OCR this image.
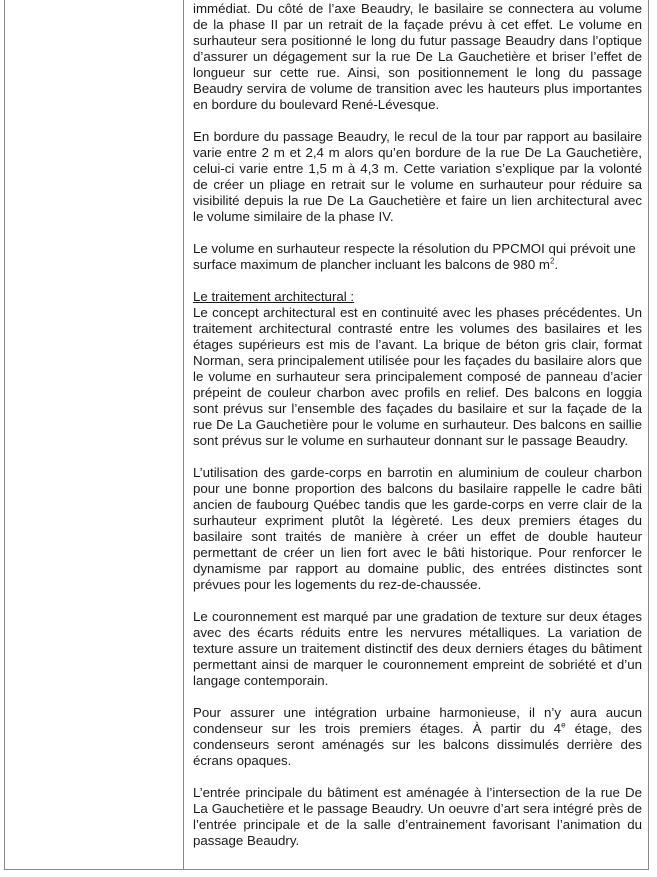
immédiat. Du côté de l’axe Beaudry, le basilaire se connectera au volume de la phase II par un retrait de la façade prévu à cet effet. Le volume en surhauteur sera positionné le long du futur passage Beaudry dans l’optique d’assurer un dégagement sur la rue De La Gauchetière et briser l’effet de longueur sur cette rue. Ainsi, son positionnement le long du passage Beaudry servira de volume de transition avec les hauteurs plus importantes en bordure du boulevard René-Lévesque.

En bordure du passage Beaudry, le recul de la tour par rapport au basilaire varie entre 2 m et 2,4 m alors qu’en bordure de la rue De La Gauchetière, celui-ci varie entre 1,5 m à 4,3 m. Cette variation s’explique par la volonté de créer un pliage en retrait sur le volume en surhauteur pour réduire sa visibilité depuis la rue De La Gauchetière et faire un lien architectural avec le volume similaire de la phase IV.

Le volume en surhauteur respecte la résolution du PPCMOI qui prévoit une surface maximum de plancher incluant les balcons de 980 $m^2$.

Le traitement architectural :
Le concept architectural est en continuité avec les phases précédentes. Un traitement architectural contrasté entre les volumes des basilaires et les étages supérieurs est mis de l’avant. La brique de béton gris clair, format Norman, sera principalement utilisée pour les façades du basilaire alors que le volume en surhauteur sera principalement composé de panneau d’acier prépeint de couleur charbon avec profils en relief. Des balcons en loggia sont prévus sur l’ensemble des façades du basilaire et sur la façade de la rue De La Gauchetière pour le volume en surhauteur. Des balcons en saillie sont prévus sur le volume en surhauteur donnant sur le passage Beaudry.

L’utilisation des garde-corps en barrotin en aluminium de couleur charbon pour une bonne proportion des balcons du basilaire rappelle le cadre bâti ancien de faubourg Québec tandis que les garde-corps en verre clair de la surhauteur expriment plutôt la légèreté. Les deux premiers étages du basilaire sont traités de manière à créer un effet de double hauteur permettant de créer un lien fort avec le bâti historique. Pour renforcer le dynamisme par rapport au domaine public, des entrées distinctes sont prévues pour les logements du rez-de-chaussée.

Le couronnement est marqué par une gradation de texture sur deux étages avec des écarts réduits entre les nervures métalliques. La variation de texture assure un traitement distinctif des deux derniers étages du bâtiment permettant ainsi de marquer le couronnement empreint de sobriété et d’un langage contemporain.

Pour assurer une intégration urbaine harmonieuse, il n’y aura aucun condenseur sur les trois premiers étages. À partir du 4e étage, des condenseurs seront aménagés sur les balcons dissimulés derrière des écrans opaques.

L’entrée principale du bâtiment est aménagée à l’intersection de la rue De La Gauchetière et le passage Beaudry. Un oeuvre d’art sera intégré près de l’entrée principale et de la salle d’entrainement favorisant l’animation du passage Beaudry.
